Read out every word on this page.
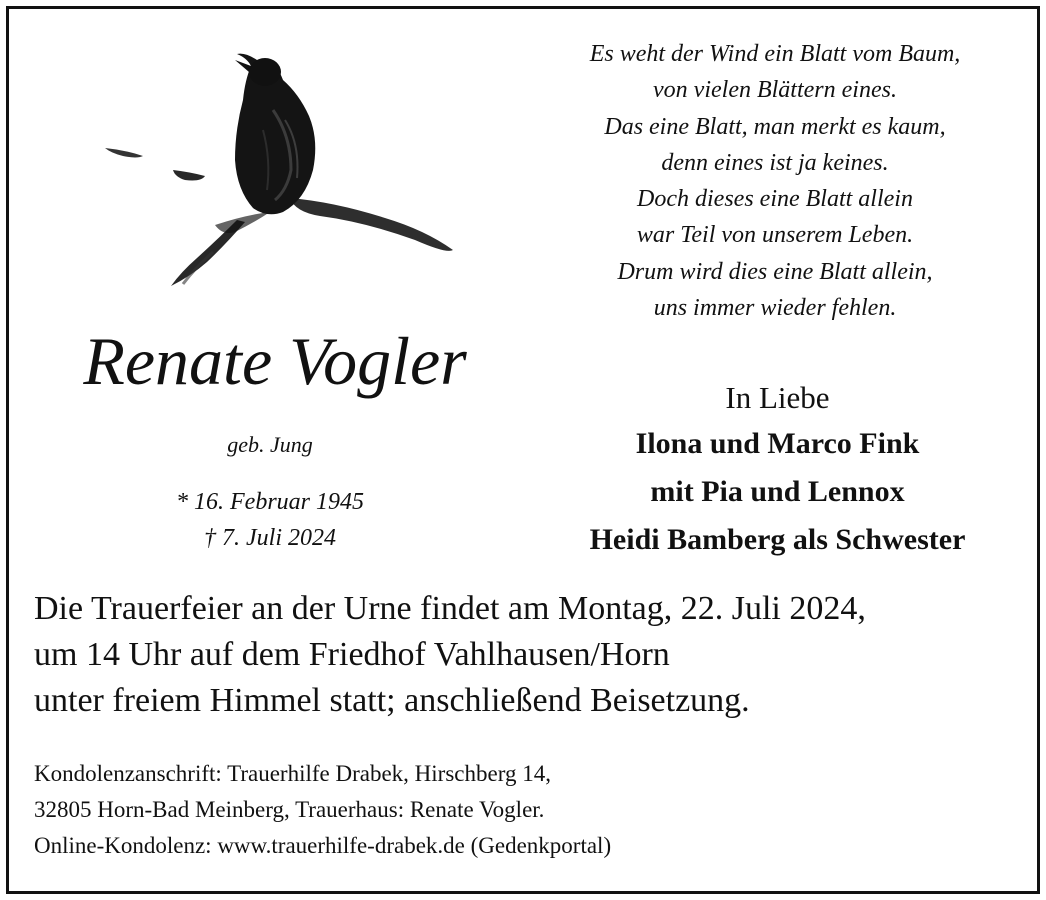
Es weht der Wind ein Blatt vom Baum,
von vielen Blättern eines.
Das eine Blatt, man merkt es kaum,
denn eines ist ja keines.
Doch dieses eine Blatt allein
war Teil von unserem Leben.
Drum wird dies eine Blatt allein,
uns immer wieder fehlen.
Renate Vogler
geb. Jung
* 16. Februar 1945
† 7. Juli 2024
In Liebe
Ilona und Marco Fink
mit Pia und Lennox
Heidi Bamberg als Schwester
Die Trauerfeier an der Urne findet am Montag, 22. Juli 2024,
um 14 Uhr auf dem Friedhof Vahlhausen/Horn
unter freiem Himmel statt; anschließend Beisetzung.
Kondolenzanschrift: Trauerhilfe Drabek, Hirschberg 14,
32805 Horn-Bad Meinberg, Trauerhaus: Renate Vogler.
Online-Kondolenz: www.trauerhilfe-drabek.de (Gedenkportal)
